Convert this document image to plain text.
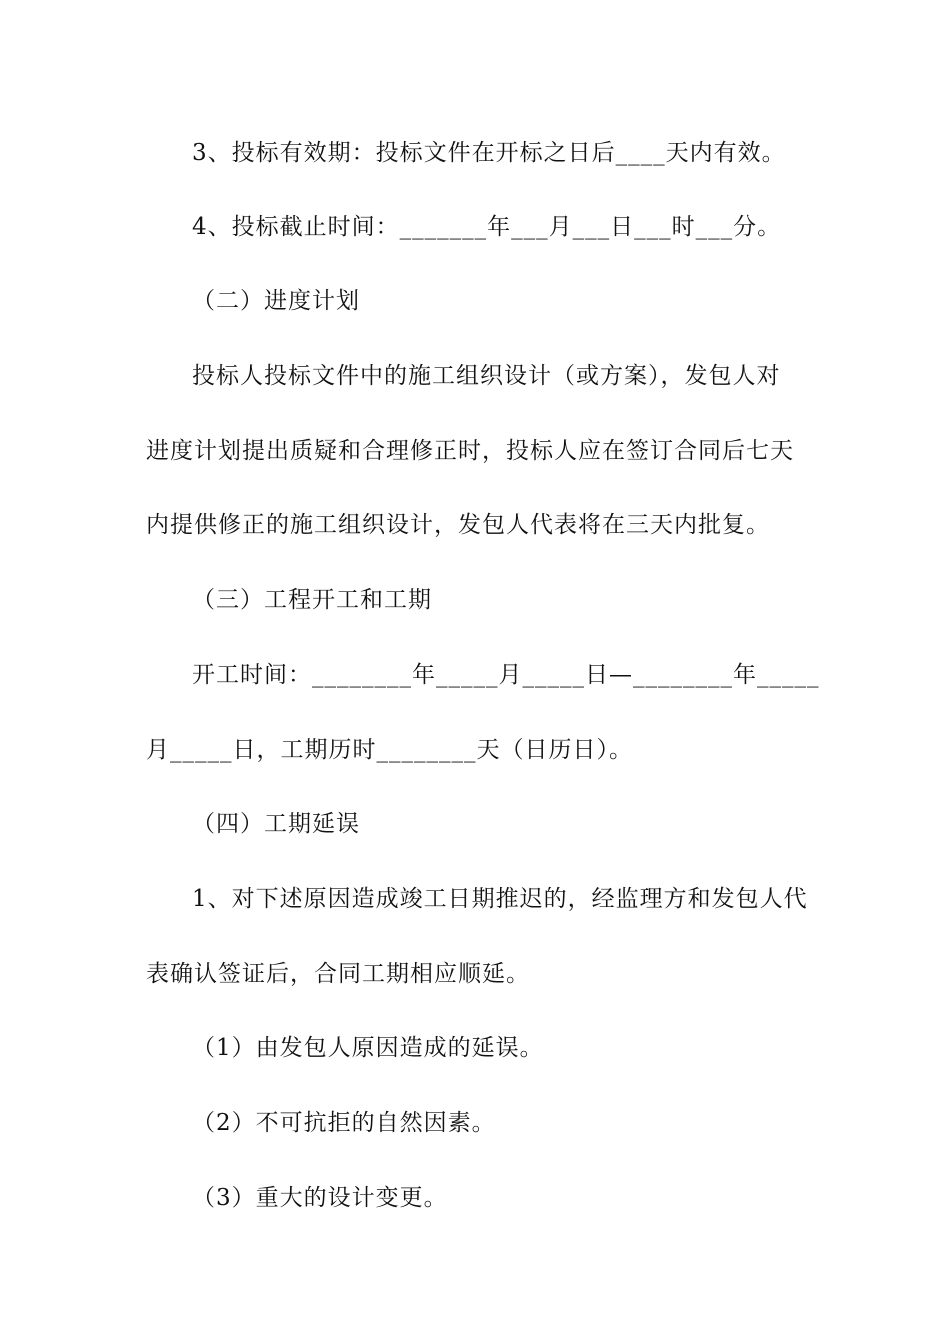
3、投标有效期：投标文件在开标之日后____天内有效。
4、投标截止时间：_______年___月___日___时___分。
（二）进度计划
投标人投标文件中的施工组织设计（或方案），发包人对
进度计划提出质疑和合理修正时，投标人应在签订合同后七天
内提供修正的施工组织设计，发包人代表将在三天内批复。
（三）工程开工和工期
开工时间：________年_____月_____日—________年_____
月_____日，工期历时________天（日历日）。
（四）工期延误
1、对下述原因造成竣工日期推迟的，经监理方和发包人代
表确认签证后，合同工期相应顺延。
（1）由发包人原因造成的延误。
（2）不可抗拒的自然因素。
（3）重大的设计变更。
